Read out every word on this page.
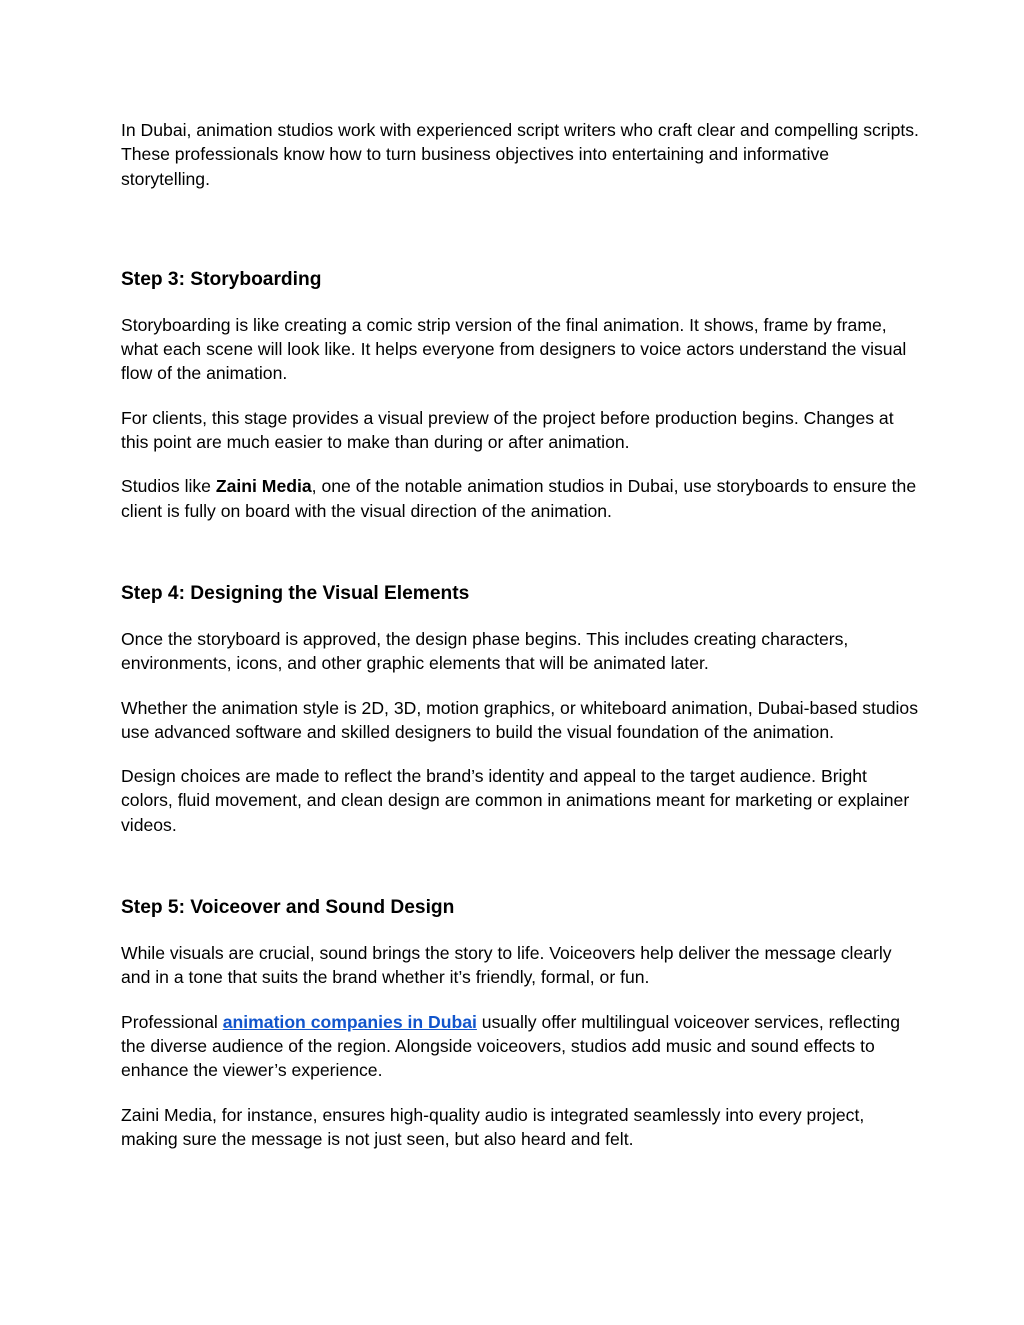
In Dubai, animation studios work with experienced script writers who craft clear and compelling scripts. These professionals know how to turn business objectives into entertaining and informative storytelling.

Step 3: Storyboarding

Storyboarding is like creating a comic strip version of the final animation. It shows, frame by frame, what each scene will look like. It helps everyone from designers to voice actors understand the visual flow of the animation.

For clients, this stage provides a visual preview of the project before production begins. Changes at this point are much easier to make than during or after animation.

Studios like Zaini Media, one of the notable animation studios in Dubai, use storyboards to ensure the client is fully on board with the visual direction of the animation.

Step 4: Designing the Visual Elements

Once the storyboard is approved, the design phase begins. This includes creating characters, environments, icons, and other graphic elements that will be animated later.

Whether the animation style is 2D, 3D, motion graphics, or whiteboard animation, Dubai-based studios use advanced software and skilled designers to build the visual foundation of the animation.

Design choices are made to reflect the brand’s identity and appeal to the target audience. Bright colors, fluid movement, and clean design are common in animations meant for marketing or explainer videos.

Step 5: Voiceover and Sound Design

While visuals are crucial, sound brings the story to life. Voiceovers help deliver the message clearly and in a tone that suits the brand whether it’s friendly, formal, or fun.

Professional animation companies in Dubai usually offer multilingual voiceover services, reflecting the diverse audience of the region. Alongside voiceovers, studios add music and sound effects to enhance the viewer’s experience.

Zaini Media, for instance, ensures high-quality audio is integrated seamlessly into every project, making sure the message is not just seen, but also heard and felt.
